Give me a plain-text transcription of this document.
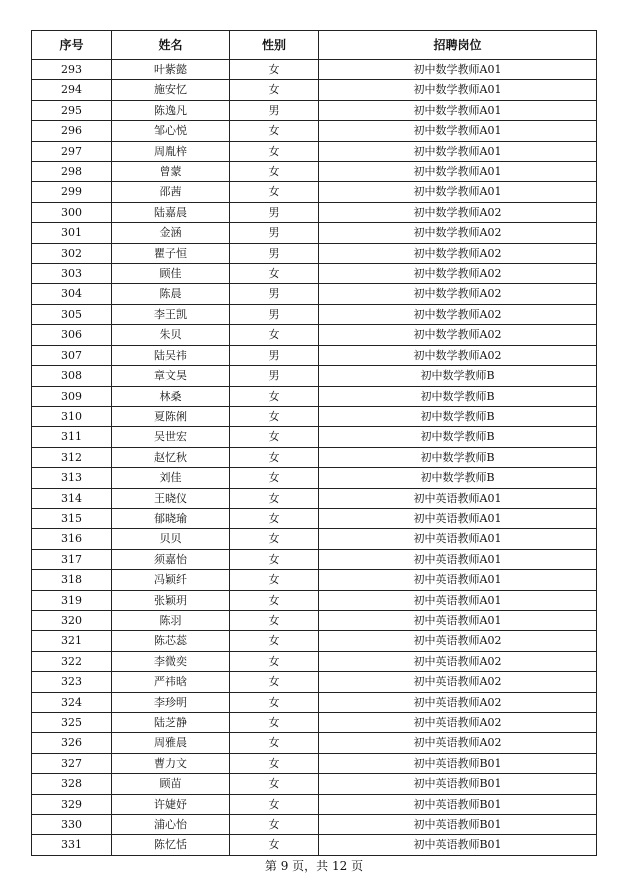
序号	姓名	性别	招聘岗位
293	叶紫懿	女	初中数学教师A01
294	施安忆	女	初中数学教师A01
295	陈逸凡	男	初中数学教师A01
296	邹心悦	女	初中数学教师A01
297	周胤梓	女	初中数学教师A01
298	曾蒙	女	初中数学教师A01
299	邵茜	女	初中数学教师A01
300	陆嘉晨	男	初中数学教师A02
301	金涵	男	初中数学教师A02
302	瞿子恒	男	初中数学教师A02
303	顾佳	女	初中数学教师A02
304	陈晨	男	初中数学教师A02
305	李王凯	男	初中数学教师A02
306	朱贝	女	初中数学教师A02
307	陆吴祎	男	初中数学教师A02
308	章文昊	男	初中数学教师B
309	林桑	女	初中数学教师B
310	夏陈俐	女	初中数学教师B
311	吴世宏	女	初中数学教师B
312	赵忆秋	女	初中数学教师B
313	刘佳	女	初中数学教师B
314	王晓仪	女	初中英语教师A01
315	郁晓瑜	女	初中英语教师A01
316	贝贝	女	初中英语教师A01
317	须嘉怡	女	初中英语教师A01
318	冯颖纤	女	初中英语教师A01
319	张颖玥	女	初中英语教师A01
320	陈羽	女	初中英语教师A01
321	陈芯蕊	女	初中英语教师A02
322	李微奕	女	初中英语教师A02
323	严祎晗	女	初中英语教师A02
324	李珍明	女	初中英语教师A02
325	陆芝静	女	初中英语教师A02
326	周雅晨	女	初中英语教师A02
327	曹力文	女	初中英语教师B01
328	顾苗	女	初中英语教师B01
329	许婕妤	女	初中英语教师B01
330	浦心怡	女	初中英语教师B01
331	陈忆恬	女	初中英语教师B01
第 9 页，共 12 页
